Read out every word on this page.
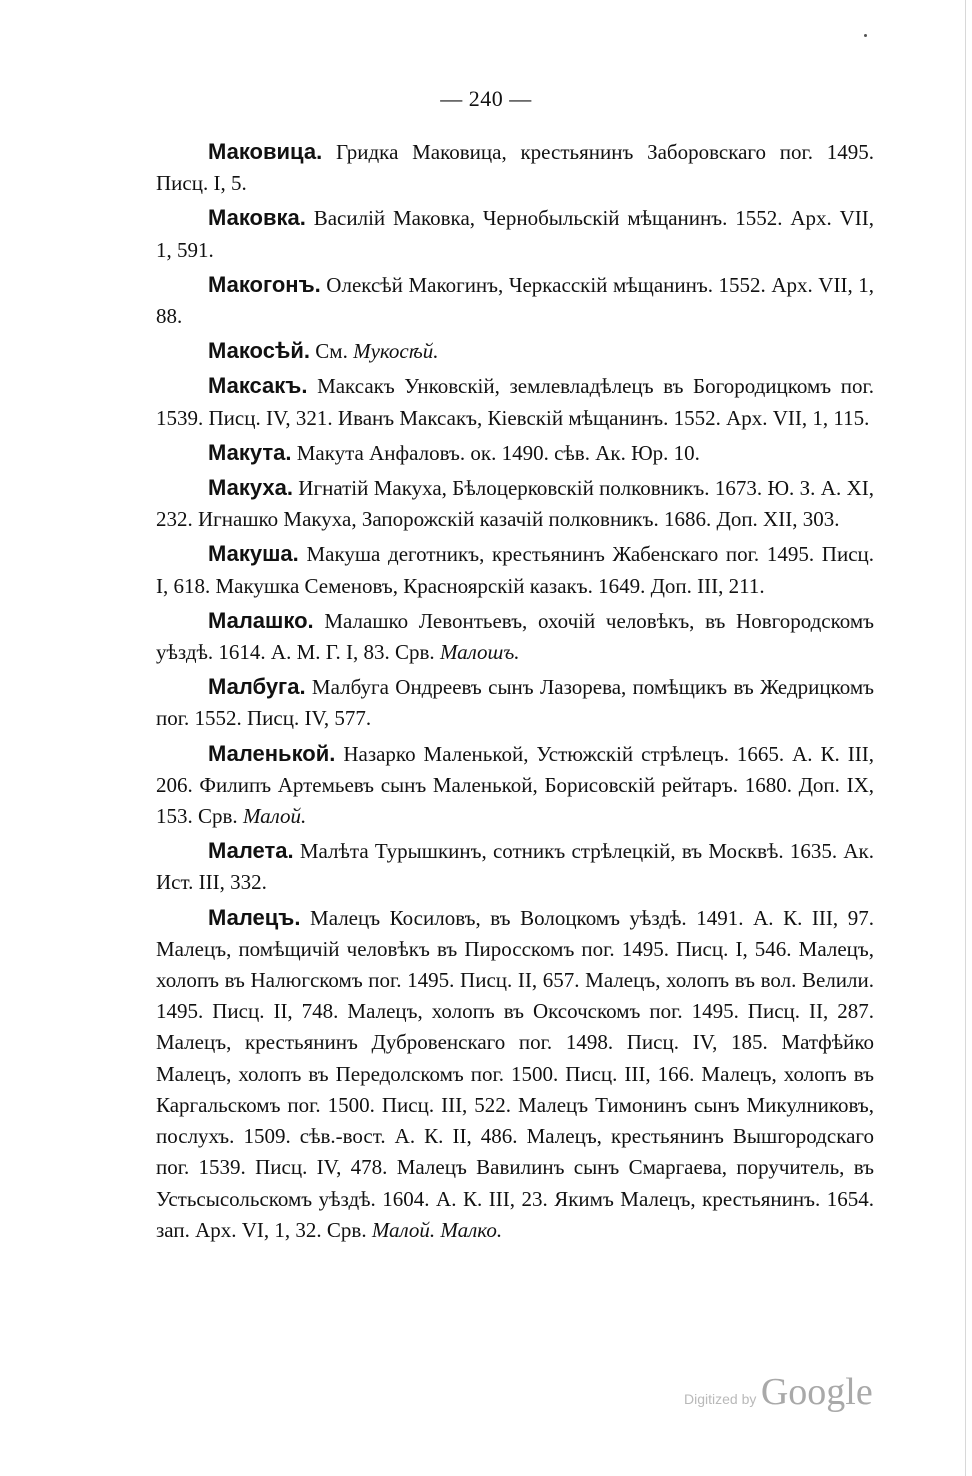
— 240 —

Маковица. Гридка Маковица, крестьянинъ Заборовскаго пог. 1495. Писц. I, 5.

Маковка. Василій Маковка, Чернобыльскій мѣщанинъ. 1552. Арх. VII, 1, 591.

Макогонъ. Олексѣй Макогинъ, Черкасскій мѣщанинъ. 1552. Арх. VII, 1, 88.

Макосѣй. См. Мукосѣй.

Максакъ. Максакъ Унковскій, землевладѣлецъ въ Богородицкомъ пог. 1539. Писц. IV, 321. Иванъ Максакъ, Кіевскій мѣщанинъ. 1552. Арх. VII, 1, 115.

Макута. Макута Анфаловъ. ок. 1490. сѣв. Ак. Юр. 10.

Макуха. Игнатій Макуха, Бѣлоцерковскій полковникъ. 1673. Ю. З. А. XI, 232. Игнашко Макуха, Запорожскій казачій полковникъ. 1686. Доп. XII, 303.

Макуша. Макуша деготникъ, крестьянинъ Жабенскаго пог. 1495. Писц. I, 618. Макушка Семеновъ, Красноярскій казакъ. 1649. Доп. III, 211.

Малашко. Малашко Левонтьевъ, охочій человѣкъ, въ Новгородскомъ уѣздѣ. 1614. А. М. Г. I, 83. Срв. Малошъ.

Малбуга. Малбуга Ондреевъ сынъ Лазорева, помѣщикъ въ Жедрицкомъ пог. 1552. Писц. IV, 577.

Маленькой. Назарко Маленькой, Устюжскій стрѣлецъ. 1665. А. К. III, 206. Филипъ Артемьевъ сынъ Маленькой, Борисовскій рейтаръ. 1680. Доп. IX, 153. Срв. Малой.

Малета. Малѣта Турышкинъ, сотникъ стрѣлецкій, въ Москвѣ. 1635. Ак. Ист. III, 332.

Малецъ. Малецъ Косиловъ, въ Волоцкомъ уѣздѣ. 1491. А. К. III, 97. Малецъ, помѣщичій человѣкъ въ Пиросскомъ пог. 1495. Писц. I, 546. Малецъ, холопъ въ Налюгскомъ пог. 1495. Писц. II, 657. Малецъ, холопъ въ вол. Велили. 1495. Писц. II, 748. Малецъ, холопъ въ Оксочскомъ пог. 1495. Писц. II, 287. Малецъ, крестьянинъ Дубровенскаго пог. 1498. Писц. IV, 185. Матфѣйко Малецъ, холопъ въ Передолскомъ пог. 1500. Писц. III, 166. Малецъ, холопъ въ Каргальскомъ пог. 1500. Писц. III, 522. Малецъ Тимонинъ сынъ Микулниковъ, послухъ. 1509. сѣв.-вост. А. К. II, 486. Малецъ, крестьянинъ Вышгородскаго пог. 1539. Писц. IV, 478. Малецъ Вавилинъ сынъ Смаргаева, поручитель, въ Устьсысольскомъ уѣздѣ. 1604. А. К. III, 23. Якимъ Малецъ, крестьянинъ. 1654. зап. Арх. VI, 1, 32. Срв. Малой. Малко.

Digitized by Google
